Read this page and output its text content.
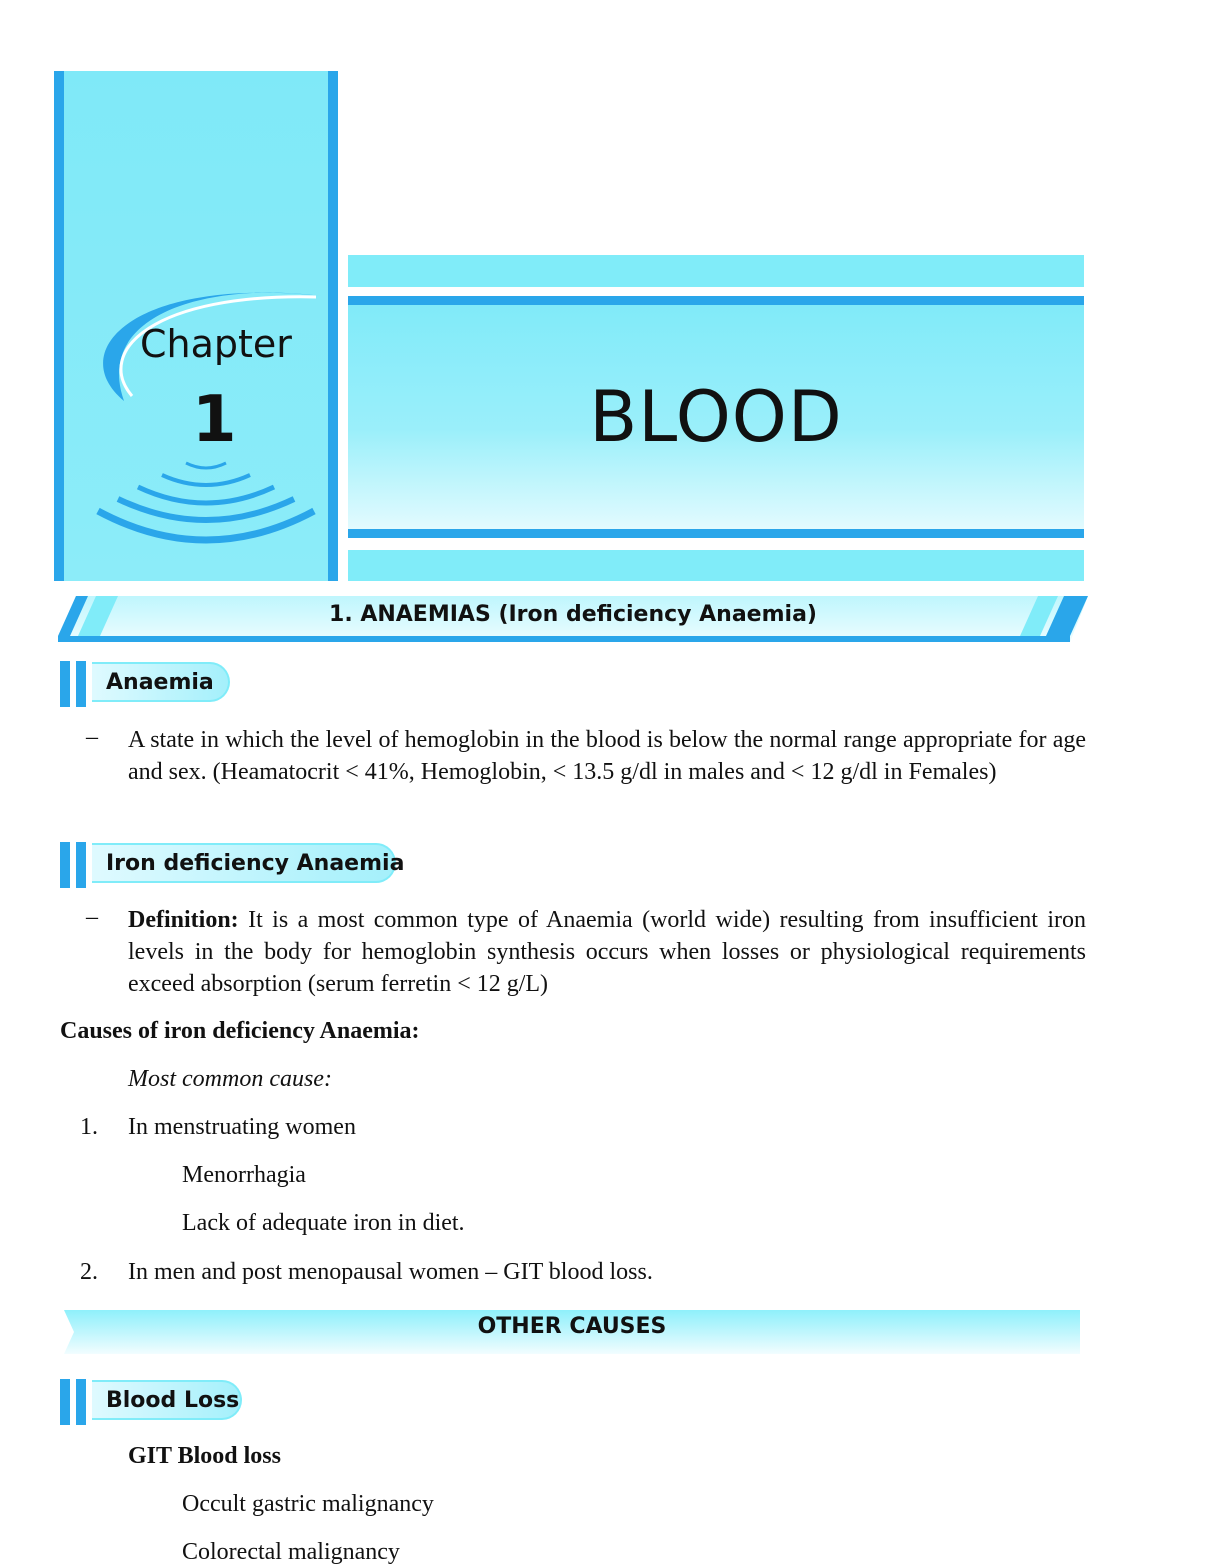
Chapter
1	BLOOD
1. ANAEMIAS (Iron deficiency Anaemia)
Anaemia
– A state in which the level of hemoglobin in the blood is below the normal range appropriate for age and sex. (Heamatocrit < 41%, Hemoglobin, < 13.5 g/dl in males and < 12 g/dl in Females)
Iron deficiency Anaemia
– Definition: It is a most common type of Anaemia (world wide) resulting from insufficient iron levels in the body for hemoglobin synthesis occurs when losses or physiological requirements exceed absorption (serum ferretin < 12 g/L)
Causes of iron deficiency Anaemia:
Most common cause:
1. In menstruating women
Menorrhagia
Lack of adequate iron in diet.
2. In men and post menopausal women – GIT blood loss.
OTHER CAUSES
Blood Loss
GIT Blood loss
Occult gastric malignancy
Colorectal malignancy
